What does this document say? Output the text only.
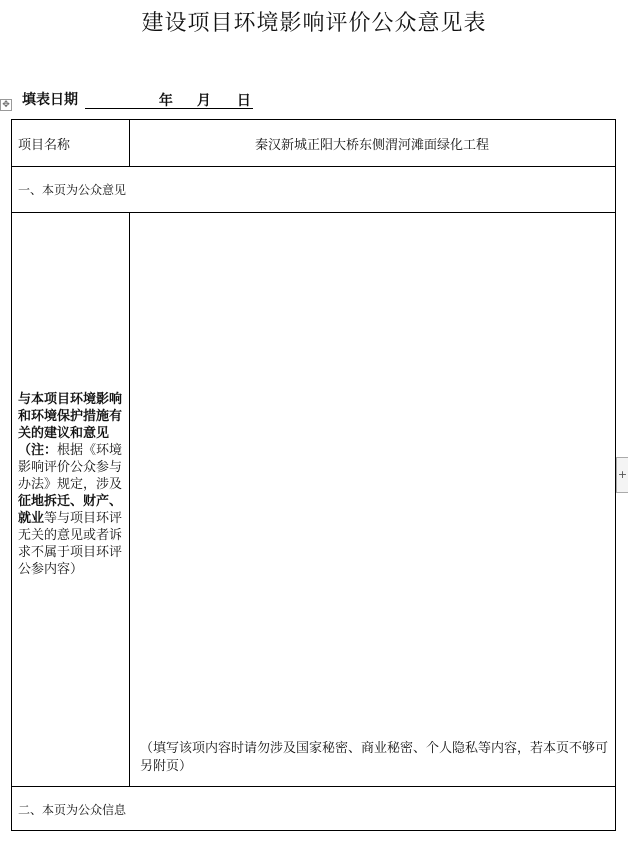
✥
建设项目环境影响评价公众意见表
填表日期	年 月 日
项目名称	秦汉新城正阳大桥东侧渭河滩面绿化工程
一、本页为公众意见
与本项目环境影响和环境保护措施有关的建议和意见（注：根据《环境影响评价公众参与办法》规定，涉及征地拆迁、财产、就业等与项目环评无关的意见或者诉求不属于项目环评公参内容）
（填写该项内容时请勿涉及国家秘密、商业秘密、个人隐私等内容，若本页不够可另附页）
二、本页为公众信息
+
